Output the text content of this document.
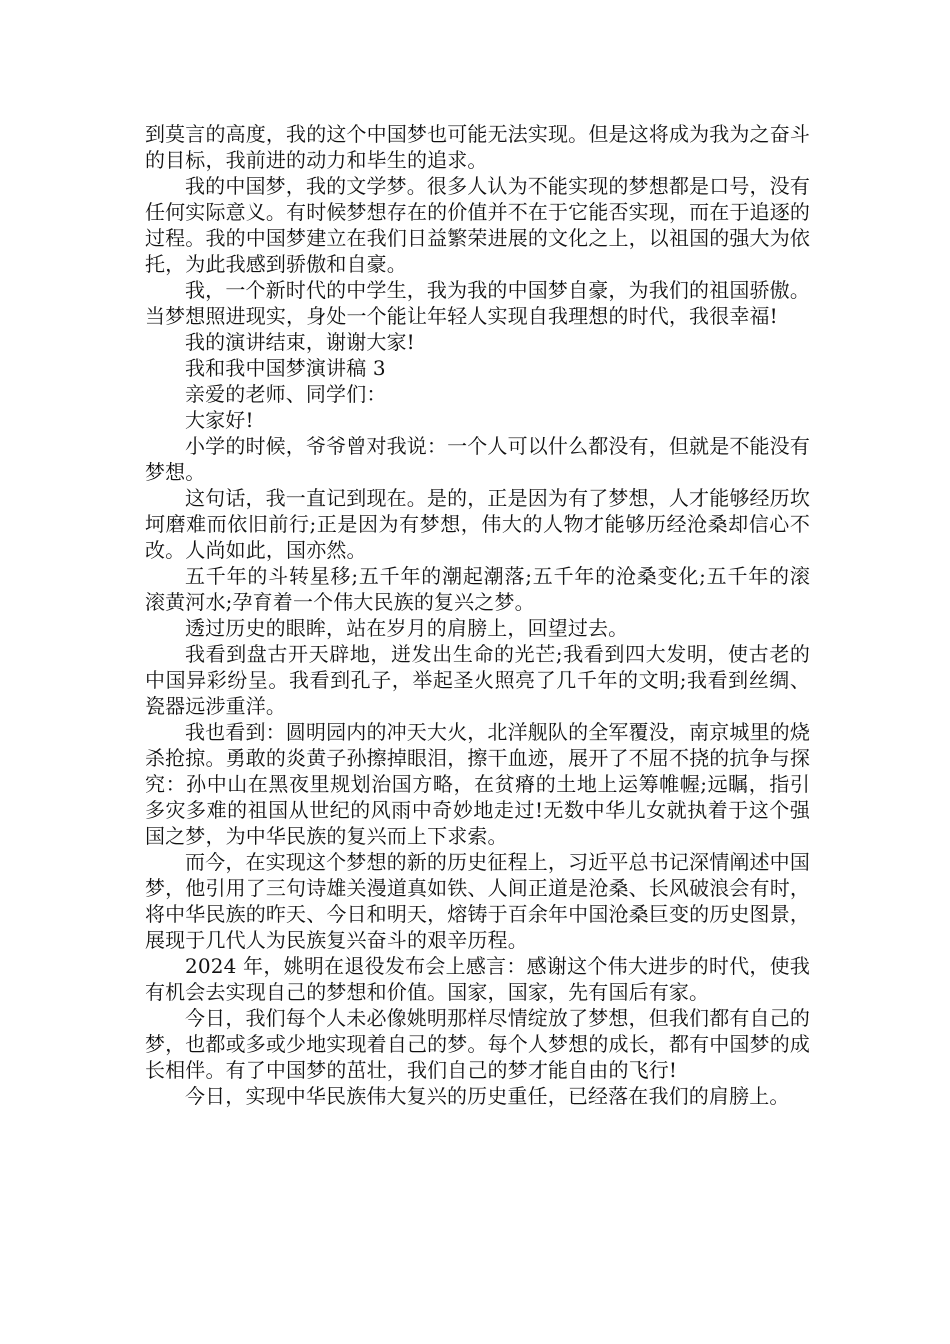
到莫言的高度，我的这个中国梦也可能无法实现。但是这将成为我为之奋斗的目标，我前进的动力和毕生的追求。

我的中国梦，我的文学梦。很多人认为不能实现的梦想都是口号，没有任何实际意义。有时候梦想存在的价值并不在于它能否实现，而在于追逐的过程。我的中国梦建立在我们日益繁荣进展的文化之上，以祖国的强大为依托，为此我感到骄傲和自豪。

我，一个新时代的中学生，我为我的中国梦自豪，为我们的祖国骄傲。当梦想照进现实，身处一个能让年轻人实现自我理想的时代，我很幸福!

我的演讲结束，谢谢大家!

我和我中国梦演讲稿 3

亲爱的老师、同学们：

大家好!

小学的时候，爷爷曾对我说：一个人可以什么都没有，但就是不能没有梦想。

这句话，我一直记到现在。是的，正是因为有了梦想，人才能够经历坎坷磨难而依旧前行;正是因为有梦想，伟大的人物才能够历经沧桑却信心不改。人尚如此，国亦然。

五千年的斗转星移;五千年的潮起潮落;五千年的沧桑变化;五千年的滚滚黄河水;孕育着一个伟大民族的复兴之梦。

透过历史的眼眸，站在岁月的肩膀上，回望过去。

我看到盘古开天辟地，迸发出生命的光芒;我看到四大发明，使古老的中国异彩纷呈。我看到孔子，举起圣火照亮了几千年的文明;我看到丝绸、瓷器远涉重洋。

我也看到：圆明园内的冲天大火，北洋舰队的全军覆没，南京城里的烧杀抢掠。勇敢的炎黄子孙擦掉眼泪，擦干血迹，展开了不屈不挠的抗争与探究：孙中山在黑夜里规划治国方略，在贫瘠的土地上运筹帷幄;远瞩，指引多灾多难的祖国从世纪的风雨中奇妙地走过!无数中华儿女就执着于这个强国之梦，为中华民族的复兴而上下求索。

而今，在实现这个梦想的新的历史征程上，习近平总书记深情阐述中国梦，他引用了三句诗雄关漫道真如铁、人间正道是沧桑、长风破浪会有时，将中华民族的昨天、今日和明天，熔铸于百余年中国沧桑巨变的历史图景，展现于几代人为民族复兴奋斗的艰辛历程。

2024 年，姚明在退役发布会上感言：感谢这个伟大进步的时代，使我有机会去实现自己的梦想和价值。国家，国家，先有国后有家。

今日，我们每个人未必像姚明那样尽情绽放了梦想，但我们都有自己的梦，也都或多或少地实现着自己的梦。每个人梦想的成长，都有中国梦的成长相伴。有了中国梦的茁壮，我们自己的梦才能自由的飞行!

今日，实现中华民族伟大复兴的历史重任，已经落在我们的肩膀上。
